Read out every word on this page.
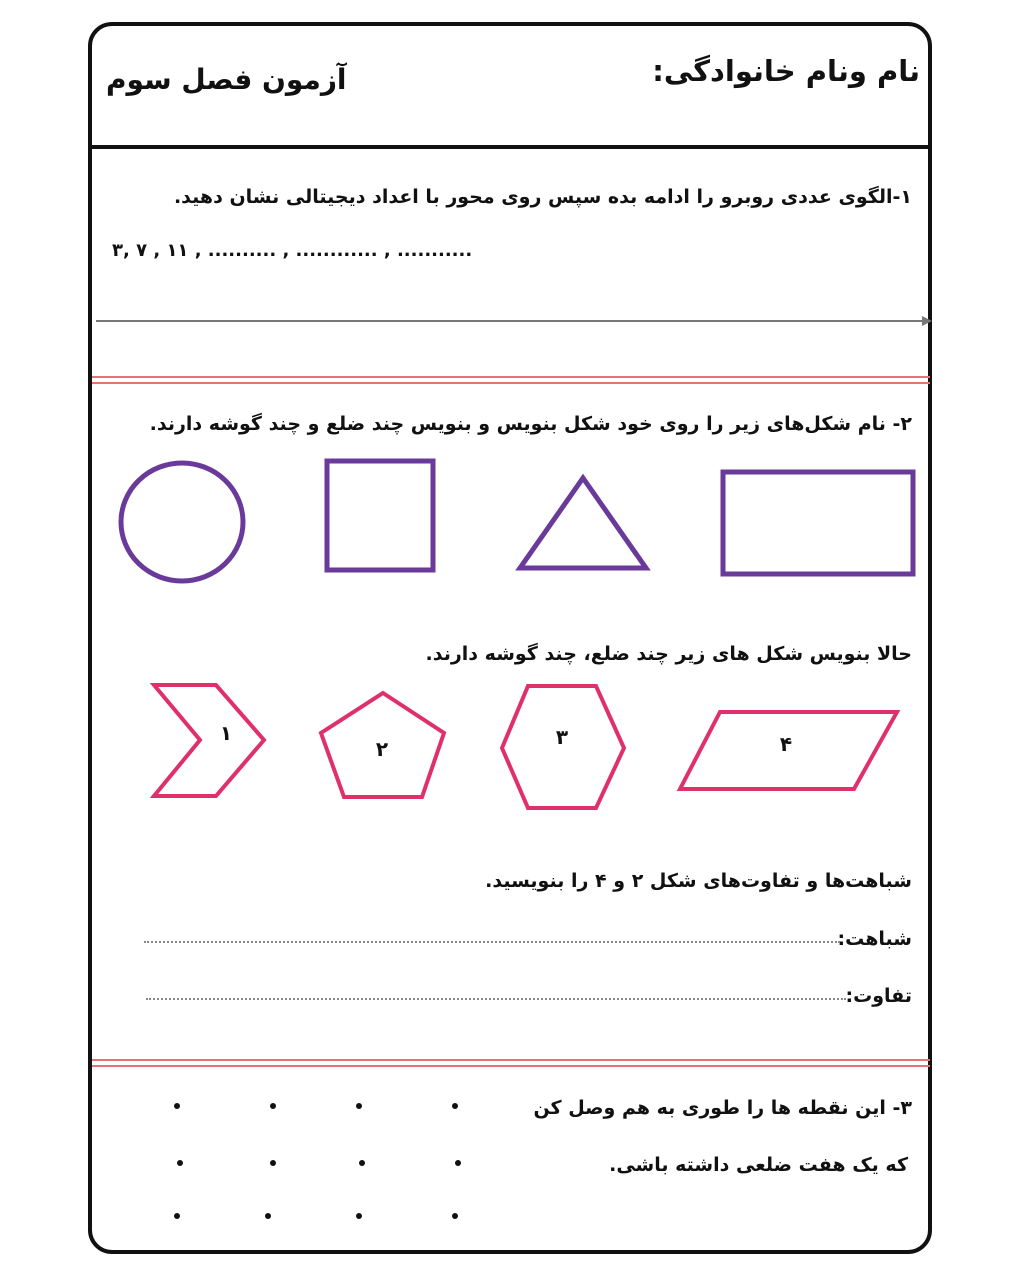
نام ونام خانوادگی:
آزمون فصل سوم
۱-الگوی عددی روبرو را ادامه بده سپس روی محور با اعداد دیجیتالی نشان دهید.
۳, ۷ , ۱۱ , .......... , ............ , ...........
۲- نام شکل‌های زیر را روی خود شکل بنویس و بنویس چند ضلع و چند گوشه دارند.
حالا بنویس شکل های زیر چند ضلع، چند گوشه دارند.
۱
۲	۳	۴
شباهت‌ها و تفاوت‌های شکل ۲ و ۴ را بنویسید.
شباهت:
تفاوت:
۳- این نقطه ها را طوری به هم وصل کن
که یک هفت ضلعی داشته باشی.
